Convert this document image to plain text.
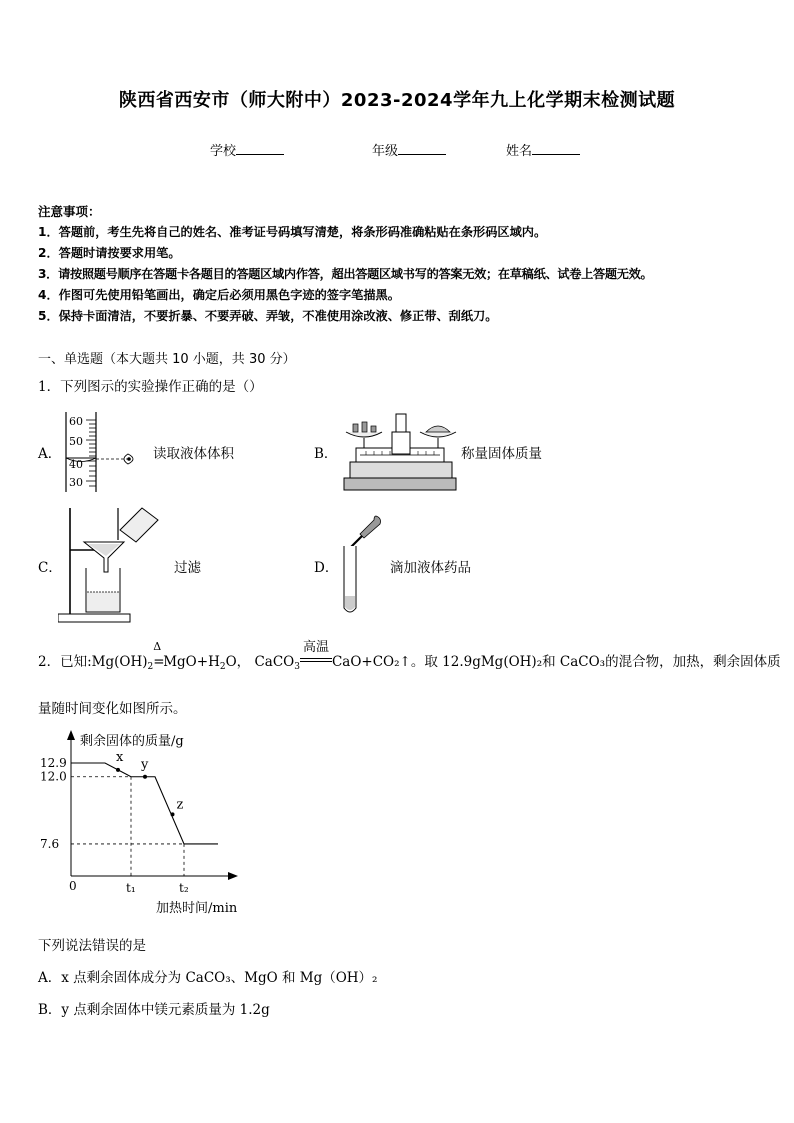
陕西省西安市（师大附中）2023-2024学年九上化学期末检测试题
学校	年级	姓名
注意事项：
1．答题前，考生先将自己的姓名、准考证号码填写清楚，将条形码准确粘贴在条形码区域内。
2．答题时请按要求用笔。
3．请按照题号顺序在答题卡各题目的答题区域内作答，超出答题区域书写的答案无效；在草稿纸、试卷上答题无效。
4．作图可先使用铅笔画出，确定后必须用黑色字迹的签字笔描黑。
5．保持卡面清洁，不要折暴、不要弄破、弄皱，不准使用涂改液、修正带、刮纸刀。
一、单选题（本大题共 10 小题，共 30 分）
1．下列图示的实验操作正确的是（）
A．
60
50
40
30
读取液体体积	B．	称量固体质量
C．	过滤	D．	滴加液体药品
2．已知$:Mg(OH)_2$
Δ
$=MgO+H_2O$， CaCO$_3$
高温
CaO+CO₂↑。取 12.9gMg(OH)₂和 CaCO₃的混合物，加热，剩余固体质
量随时间变化如图所示。
剩余固体的质量/g
加热时间/min
0
12.9
12.0
7.6
t₁	t₂
x
y
z
下列说法错误的是
A．x 点剩余固体成分为 CaCO₃、MgO 和 Mg（OH）₂
B．y 点剩余固体中镁元素质量为 1.2g
